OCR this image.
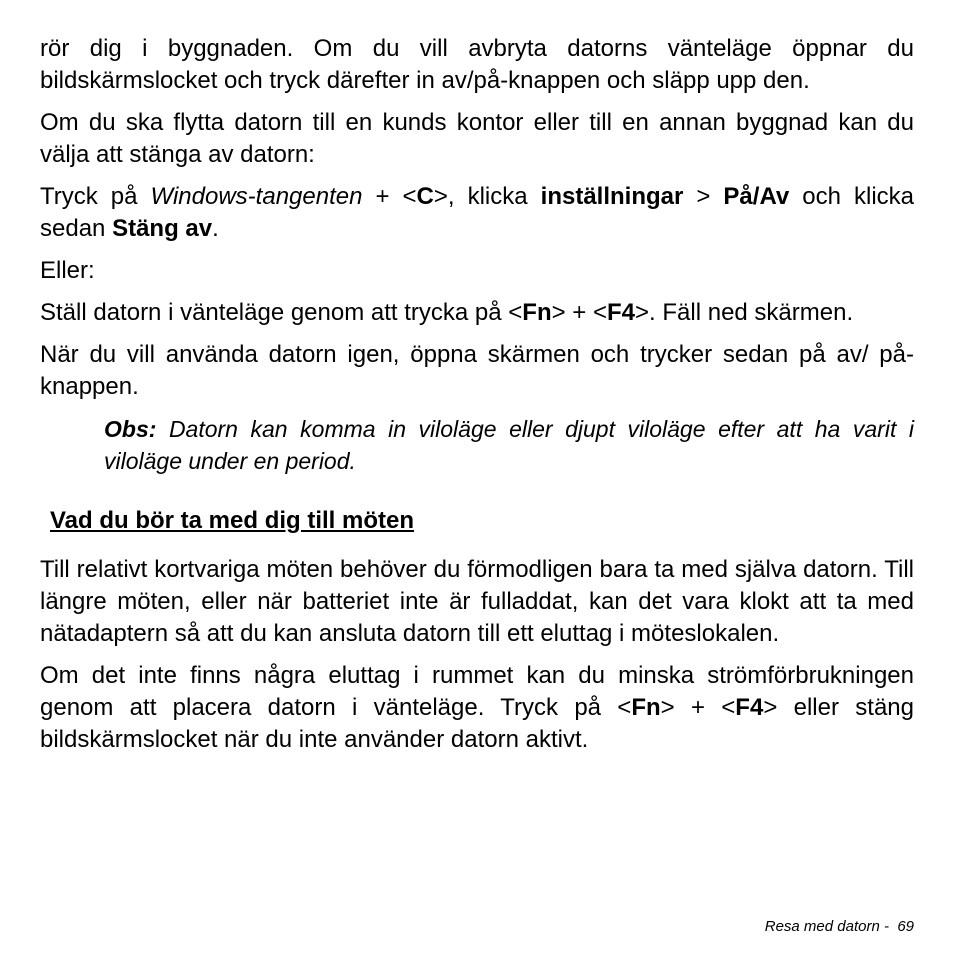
rör dig i byggnaden. Om du vill avbryta datorns vänteläge öppnar du bildskärmslocket och tryck därefter in av/på-knappen och släpp upp den.

Om du ska flytta datorn till en kunds kontor eller till en annan byggnad kan du välja att stänga av datorn:

Tryck på Windows-tangenten + <C>, klicka inställningar > På/Av och klicka sedan Stäng av.

Eller:

Ställ datorn i vänteläge genom att trycka på <Fn> + <F4>. Fäll ned skärmen.

När du vill använda datorn igen, öppna skärmen och trycker sedan på av/ på-knappen.

Obs: Datorn kan komma in viloläge eller djupt viloläge efter att ha varit i viloläge under en period.

Vad du bör ta med dig till möten

Till relativt kortvariga möten behöver du förmodligen bara ta med själva datorn. Till längre möten, eller när batteriet inte är fulladdat, kan det vara klokt att ta med nätadaptern så att du kan ansluta datorn till ett eluttag i möteslokalen.

Om det inte finns några eluttag i rummet kan du minska strömförbrukningen genom att placera datorn i vänteläge. Tryck på <Fn> + <F4> eller stäng bildskärmslocket när du inte använder datorn aktivt.

Resa med datorn - 69
